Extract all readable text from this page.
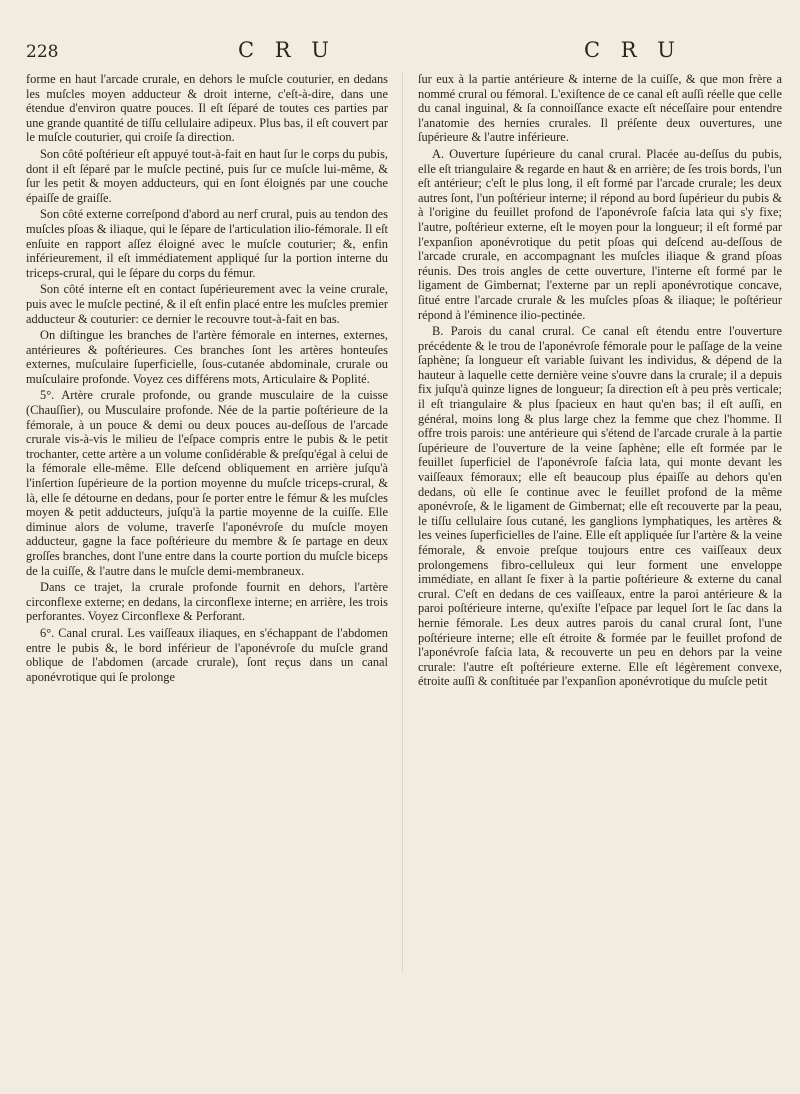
228	C R U	C R U

forme en haut l'arcade crurale, en dehors le muſcle couturier, en dedans les muſcles moyen adducteur & droit interne, c'eſt-à-dire, dans une étendue d'environ quatre pouces. Il eſt ſéparé de toutes ces parties par une grande quantité de tiſſu cellulaire adipeux. Plus bas, il eſt couvert par le muſcle couturier, qui croiſe ſa direction.

Son côté poſtérieur eſt appuyé tout-à-fait en haut ſur le corps du pubis, dont il eſt ſéparé par le muſcle pectiné, puis ſur ce muſcle lui-même, & ſur les petit & moyen adducteurs, qui en ſont éloignés par une couche épaiſſe de graiſſe.

Son côté externe correſpond d'abord au nerf crural, puis au tendon des muſcles pſoas & iliaque, qui le ſépare de l'articulation ilio-fémorale. Il eſt enſuite en rapport aſſez éloigné avec le muſcle couturier; &, enfin inférieurement, il eſt immédiatement appliqué ſur la portion interne du triceps-crural, qui le ſépare du corps du fémur.

Son côté interne eſt en contact ſupérieurement avec la veine crurale, puis avec le muſcle pectiné, & il eſt enfin placé entre les muſcles premier adducteur & couturier: ce dernier le recouvre tout-à-fait en bas.

On diſtingue les branches de l'artère fémorale en internes, externes, antérieures & poſtérieures. Ces branches ſont les artères honteuſes externes, muſculaire ſuperficielle, ſous-cutanée abdominale, crurale ou muſculaire profonde. Voyez ces différens mots, Articulaire & Poplité.

5°. Artère crurale profonde, ou grande musculaire de la cuisse (Chauſſier), ou Musculaire profonde. Née de la partie poſtérieure de la fémorale, à un pouce & demi ou deux pouces au-deſſous de l'arcade crurale vis-à-vis le milieu de l'eſpace compris entre le pubis & le petit trochanter, cette artère a un volume conſidérable & preſqu'égal à celui de la fémorale elle-même. Elle deſcend obliquement en arrière juſqu'à l'inſertion ſupérieure de la portion moyenne du muſcle triceps-crural, & là, elle ſe détourne en dedans, pour ſe porter entre le fémur & les muſcles moyen & petit adducteurs, juſqu'à la partie moyenne de la cuiſſe. Elle diminue alors de volume, traverſe l'aponévroſe du muſcle moyen adducteur, gagne la face poſtérieure du membre & ſe partage en deux groſſes branches, dont l'une entre dans la courte portion du muſcle biceps de la cuiſſe, & l'autre dans le muſcle demi-membraneux.

Dans ce trajet, la crurale profonde fournit en dehors, l'artère circonflexe externe; en dedans, la circonflexe interne; en arrière, les trois perforantes. Voyez Circonflexe & Perforant.

6°. Canal crural. Les vaiſſeaux iliaques, en s'échappant de l'abdomen entre le pubis &, le bord inférieur de l'aponévroſe du muſcle grand oblique de l'abdomen (arcade crurale), ſont reçus dans un canal aponévrotique qui ſe prolonge

ſur eux à la partie antérieure & interne de la cuiſſe, & que mon frère a nommé crural ou fémoral. L'exiſtence de ce canal eſt auſſi réelle que celle du canal inguinal, & ſa connoiſſance exacte eſt néceſſaire pour entendre l'anatomie des hernies crurales. Il préſente deux ouvertures, une ſupérieure & l'autre inférieure.

A. Ouverture ſupérieure du canal crural. Placée au-deſſus du pubis, elle eſt triangulaire & regarde en haut & en arrière; de ſes trois bords, l'un eſt antérieur; c'eſt le plus long, il eſt formé par l'arcade crurale; les deux autres ſont, l'un poſtérieur interne; il répond au bord ſupérieur du pubis & à l'origine du feuillet profond de l'aponévroſe faſcia lata qui s'y fixe; l'autre, poſtérieur externe, eſt le moyen pour la longueur; il eſt formé par l'expanſion aponévrotique du petit pſoas qui deſcend au-deſſous de l'arcade crurale, en accompagnant les muſcles iliaque & grand pſoas réunis. Des trois angles de cette ouverture, l'interne eſt formé par le ligament de Gimbernat; l'externe par un repli aponévrotique concave, ſitué entre l'arcade crurale & les muſcles pſoas & iliaque; le poſtérieur répond à l'éminence ilio-pectinée.

B. Parois du canal crural. Ce canal eſt étendu entre l'ouverture précédente & le trou de l'aponévroſe fémorale pour le paſſage de la veine ſaphène; ſa longueur eſt variable ſuivant les individus, & dépend de la hauteur à laquelle cette dernière veine s'ouvre dans la crurale; il a depuis fix juſqu'à quinze lignes de longueur; ſa direction eſt à peu près verticale; il eſt triangulaire & plus ſpacieux en haut qu'en bas; il eſt auſſi, en général, moins long & plus large chez la femme que chez l'homme. Il offre trois parois: une antérieure qui s'étend de l'arcade crurale à la partie ſupérieure de l'ouverture de la veine ſaphène; elle eſt formée par le feuillet ſuperficiel de l'aponévroſe faſcia lata, qui monte devant les vaiſſeaux fémoraux; elle eſt beaucoup plus épaiſſe au dehors qu'en dedans, où elle ſe continue avec le feuillet profond de la même aponévroſe, & le ligament de Gimbernat; elle eſt recouverte par la peau, le tiſſu cellulaire ſous cutané, les ganglions lymphatiques, les artères & les veines ſuperficielles de l'aine. Elle eſt appliquée ſur l'artère & la veine fémorale, & envoie preſque toujours entre ces vaiſſeaux deux prolongemens fibro-celluleux qui leur forment une enveloppe immédiate, en allant ſe fixer à la partie poſtérieure & externe du canal crural. C'eſt en dedans de ces vaiſſeaux, entre la paroi antérieure & la paroi poſtérieure interne, qu'exiſte l'eſpace par lequel ſort le ſac dans la hernie fémorale. Les deux autres parois du canal crural ſont, l'une poſtérieure interne; elle eſt étroite & formée par le feuillet profond de l'aponévroſe faſcia lata, & recouverte un peu en dehors par la veine crurale: l'autre eſt poſtérieure externe. Elle eſt légèrement convexe, étroite auſſi & conſtituée par l'expanſion aponévrotique du muſcle petit
